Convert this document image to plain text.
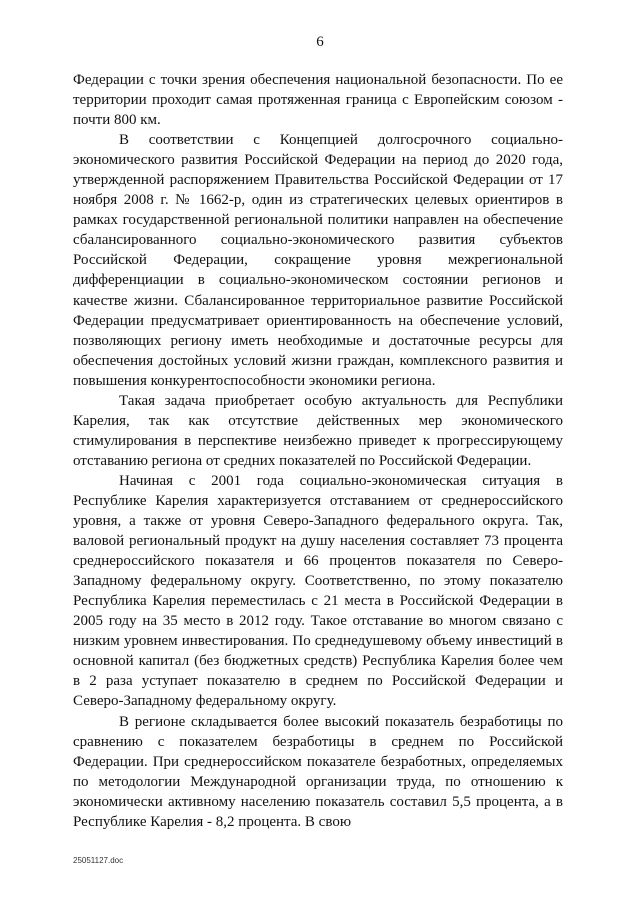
6

Федерации с точки зрения обеспечения национальной безопасности. По ее территории проходит самая протяженная граница с Европейским союзом - почти 800 км.

В соответствии с Концепцией долгосрочного социально-экономического развития Российской Федерации на период до 2020 года, утвержденной распоряжением Правительства Российской Федерации от 17 ноября 2008 г. № 1662-р, один из стратегических целевых ориентиров в рамках государственной региональной политики направлен на обеспечение сбалансированного социально-экономического развития субъектов Российской Федерации, сокращение уровня межрегиональной дифференциации в социально-экономическом состоянии регионов и качестве жизни. Сбалансированное территориальное развитие Российской Федерации предусматривает ориентированность на обеспечение условий, позволяющих региону иметь необходимые и достаточные ресурсы для обеспечения достойных условий жизни граждан, комплексного развития и повышения конкурентоспособности экономики региона.

Такая задача приобретает особую актуальность для Республики Карелия, так как отсутствие действенных мер экономического стимулирования в перспективе неизбежно приведет к прогрессирующему отставанию региона от средних показателей по Российской Федерации.

Начиная с 2001 года социально-экономическая ситуация в Республике Карелия характеризуется отставанием от среднероссийского уровня, а также от уровня Северо-Западного федерального округа. Так, валовой региональный продукт на душу населения составляет 73 процента среднероссийского показателя и 66 процентов показателя по Северо-Западному федеральному округу. Соответственно, по этому показателю Республика Карелия переместилась с 21 места в Российской Федерации в 2005 году на 35 место в 2012 году. Такое отставание во многом связано с низким уровнем инвестирования. По среднедушевому объему инвестиций в основной капитал (без бюджетных средств) Республика Карелия более чем в 2 раза уступает показателю в среднем по Российской Федерации и Северо-Западному федеральному округу.

В регионе складывается более высокий показатель безработицы по сравнению с показателем безработицы в среднем по Российской Федерации. При среднероссийском показателе безработных, определяемых по методологии Международной организации труда, по отношению к экономически активному населению показатель составил 5,5 процента, а в Республике Карелия - 8,2 процента. В свою

25051127.doc
